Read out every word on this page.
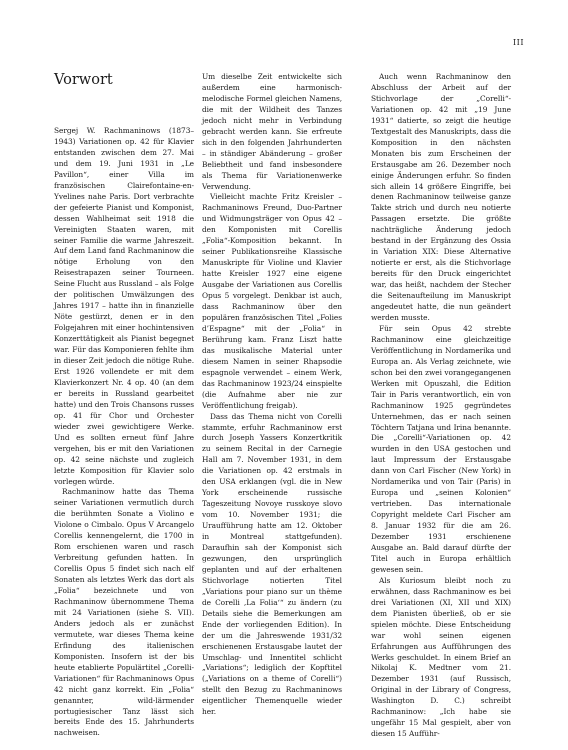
III
Vorwort

Sergej W. Rachmaninows (1873–1943) Variationen op. 42 für Klavier entstanden zwischen dem 27. Mai und dem 19. Juni 1931 in „Le Pavillon“, einer Villa im französischen Clairefontaine-en-Yvelines nahe Paris. Dort verbrachte der gefeierte Pianist und Komponist, dessen Wahlheimat seit 1918 die Vereinigten Staaten waren, mit seiner Familie die warme Jahreszeit. Auf dem Land fand Rachmaninow die nötige Erholung von den Reisestrapazen seiner Tourneen. Seine Flucht aus Russland – als Folge der politischen Umwälzungen des Jahres 1917 – hatte ihn in finanzielle Nöte gestürzt, denen er in den Folgejahren mit einer hochintensiven Konzerttätigkeit als Pianist begegnet war. Für das Komponieren fehlte ihm in dieser Zeit jedoch die nötige Ruhe. Erst 1926 vollendete er mit dem Klavierkonzert Nr. 4 op. 40 (an dem er bereits in Russland gearbeitet hatte) und den Trois Chansons russes op. 41 für Chor und Orchester wieder zwei gewichtigere Werke. Und es sollten erneut fünf Jahre vergehen, bis er mit den Variationen op. 42 seine nächste und zugleich letzte Komposition für Klavier solo vorlegen würde.

Rachmaninow hatte das Thema seiner Variationen vermutlich durch die berühmten Sonate a Violino e Violone o Cimbalo. Opus V Arcangelo Corellis kennengelernt, die 1700 in Rom erschienen waren und rasch Verbreitung gefunden hatten. In Corellis Opus 5 findet sich nach elf Sonaten als letztes Werk das dort als „Folia“ bezeichnete und von Rachmaninow übernommene Thema mit 24 Variationen (siehe S. VII). Anders jedoch als er zunächst vermutete, war dieses Thema keine Erfindung des italienischen Komponisten. Insofern ist der bis heute etablierte Populärtitel „Corelli-Variationen“ für Rachmaninows Opus 42 nicht ganz korrekt. Ein „Folia“ genannter, wild-lärmender portugiesischer Tanz lässt sich bereits Ende des 15. Jahrhunderts nachweisen.

Um dieselbe Zeit entwickelte sich außerdem eine harmonisch-melodische Formel gleichen Namens, die mit der Wildheit des Tanzes jedoch nicht mehr in Verbindung gebracht werden kann. Sie erfreute sich in den folgenden Jahrhunderten – in ständiger Abänderung – großer Beliebtheit und fand insbesondere als Thema für Variationenwerke Verwendung.

Vielleicht machte Fritz Kreisler – Rachmaninows Freund, Duo-Partner und Widmungsträger von Opus 42 – den Komponisten mit Corellis „Folia“-Komposition bekannt. In seiner Publikationsreihe Klassische Manuskripte für Violine und Klavier hatte Kreisler 1927 eine eigene Ausgabe der Variationen aus Corellis Opus 5 vorgelegt. Denkbar ist auch, dass Rachmaninow über den populären französischen Titel „Folies d’Espagne“ mit der „Folia“ in Berührung kam. Franz Liszt hatte das musikalische Material unter diesem Namen in seiner Rhapsodie espagnole verwendet – einem Werk, das Rachmaninow 1923/24 einspielte (die Aufnahme aber nie zur Veröffentlichung freigab).

Dass das Thema nicht von Corelli stammte, erfuhr Rachmaninow erst durch Joseph Yassers Konzertkritik zu seinem Recital in der Carnegie Hall am 7. November 1931, in dem die Variationen op. 42 erstmals in den USA erklangen (vgl. die in New York erscheinende russische Tageszeitung Novoye russkoye slovo vom 10. November 1931; die Uraufführung hatte am 12. Oktober in Montreal stattgefunden). Daraufhin sah der Komponist sich gezwungen, den ursprünglich geplanten und auf der erhaltenen Stichvorlage notierten Titel „Variations pour piano sur un thème de Corelli ‚La Folia‘“ zu ändern (zu Details siehe die Bemerkungen am Ende der vorliegenden Edition). In der um die Jahreswende 1931/32 erschienenen Erstausgabe lautet der Umschlag- und Innentitel schlicht „Variations“; lediglich der Kopftitel („Variations on a theme of Corelli“) stellt den Bezug zu Rachmaninows eigentlicher Themenquelle wieder her.

Auch wenn Rachmaninow den Abschluss der Arbeit auf der Stichvorlage der „Corelli“-Variationen op. 42 mit „19 June 1931“ datierte, so zeigt die heutige Textgestalt des Manuskripts, dass die Komposition in den nächsten Monaten bis zum Erscheinen der Erstausgabe am 26. Dezember noch einige Änderungen erfuhr. So finden sich allein 14 größere Eingriffe, bei denen Rachmaninow teilweise ganze Takte strich und durch neu notierte Passagen ersetzte. Die größte nachträgliche Änderung jedoch bestand in der Ergänzung des Ossia in Variation XIX: Diese Alternative notierte er erst, als die Stichvorlage bereits für den Druck eingerichtet war, das heißt, nachdem der Stecher die Seitenaufteilung im Manuskript angedeutet hatte, die nun geändert werden musste.

Für sein Opus 42 strebte Rachmaninow eine gleichzeitige Veröffentlichung in Nordamerika und Europa an. Als Verlag zeichnete, wie schon bei den zwei vorangegangenen Werken mit Opuszahl, die Edition Tair in Paris verantwortlich, ein von Rachmaninow 1925 gegründetes Unternehmen, das er nach seinen Töchtern Tatjana und Irina benannte. Die „Corelli“-Variationen op. 42 wurden in den USA gestochen und laut Impressum der Erstausgabe dann von Carl Fischer (New York) in Nordamerika und von Tair (Paris) in Europa und „seinen Kolonien“ vertrieben. Das internationale Copyright meldete Carl Fischer am 8. Januar 1932 für die am 26. Dezember 1931 erschienene Ausgabe an. Bald darauf dürfte der Titel auch in Europa erhältlich gewesen sein.

Als Kuriosum bleibt noch zu erwähnen, dass Rachmaninow es bei drei Variationen (XI, XII und XIX) dem Pianisten überließ, ob er sie spielen möchte. Diese Entscheidung war wohl seinen eigenen Erfahrungen aus Aufführungen des Werks geschuldet. In einem Brief an Nikolaj K. Medtner vom 21. Dezember 1931 (auf Russisch, Original in der Library of Congress, Washington D. C.) schreibt Rachmaninow: „Ich habe sie ungefähr 15 Mal gespielt, aber von diesen 15 Aufführ-
